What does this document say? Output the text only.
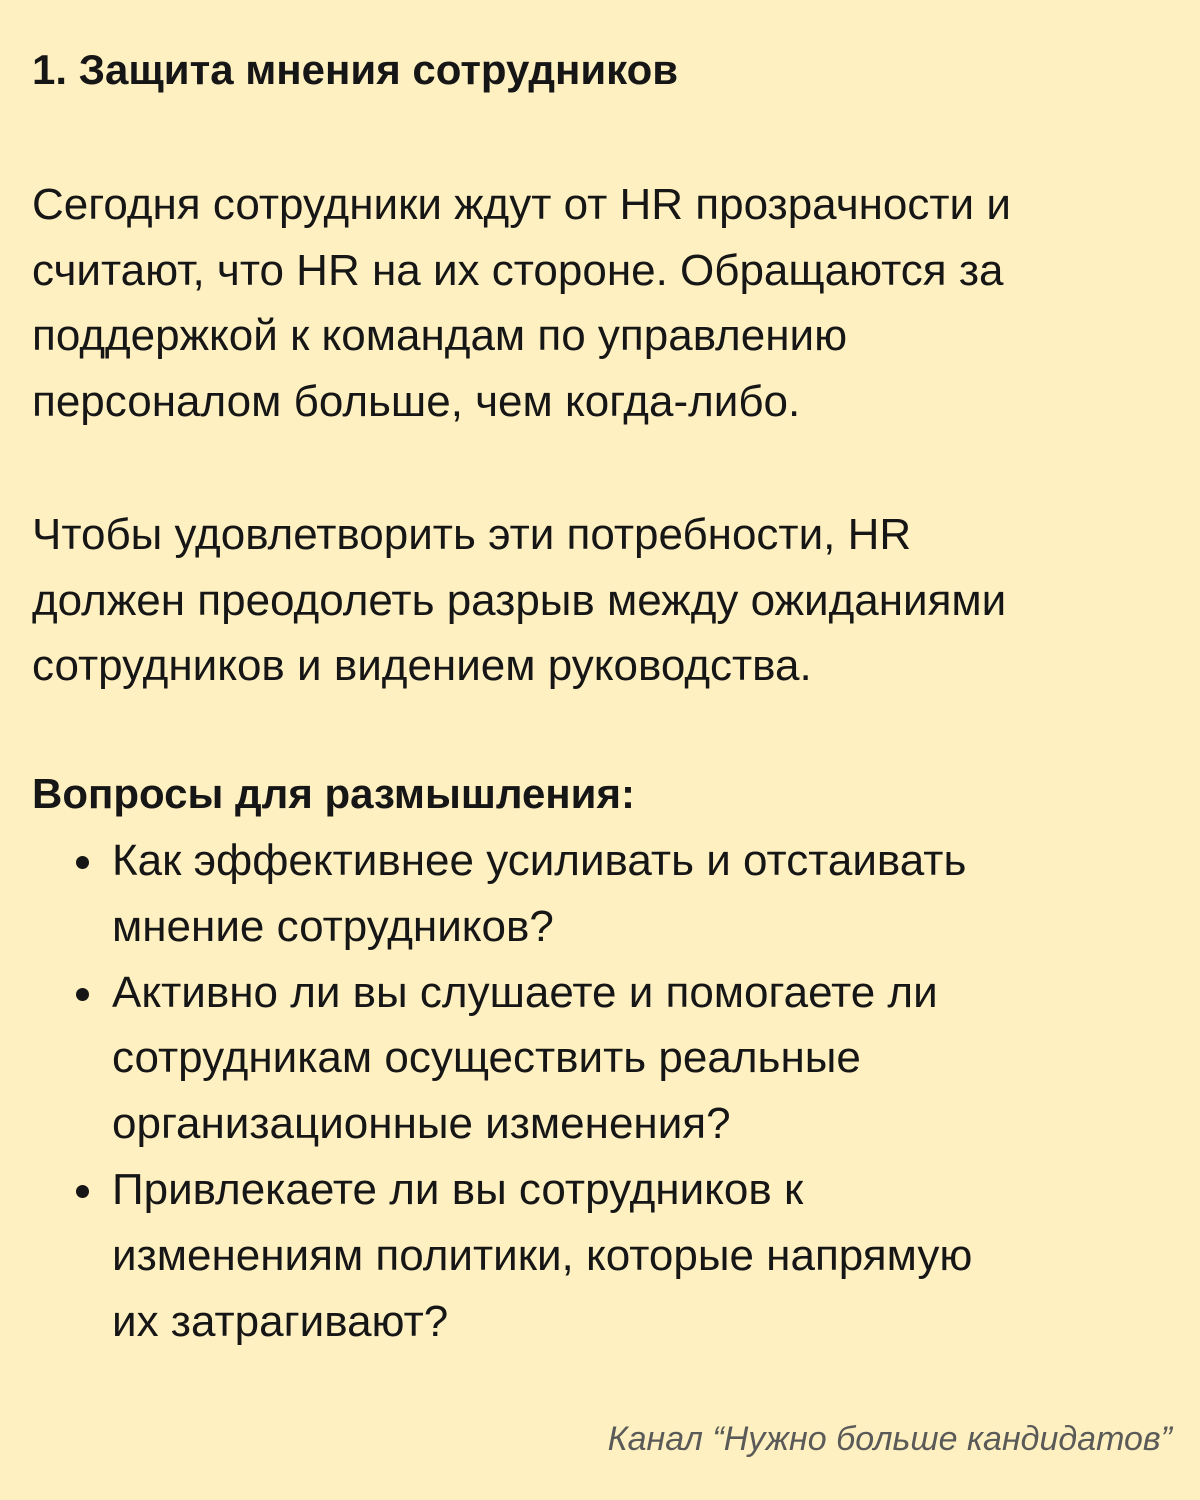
1. Защита мнения сотрудников
Сегодня сотрудники ждут от HR прозрачности и
считают, что HR на их стороне. Обращаются за
поддержкой к командам по управлению
персоналом больше, чем когда-либо.
Чтобы удовлетворить эти потребности, HR
должен преодолеть разрыв между ожиданиями
сотрудников и видением руководства.
Вопросы для размышления:
Как эффективнее усиливать и отстаивать
мнение сотрудников?
Активно ли вы слушаете и помогаете ли
сотрудникам осуществить реальные
организационные изменения?
Привлекаете ли вы сотрудников к
изменениям политики, которые напрямую
их затрагивают?
Канал “Нужно больше кандидатов”
